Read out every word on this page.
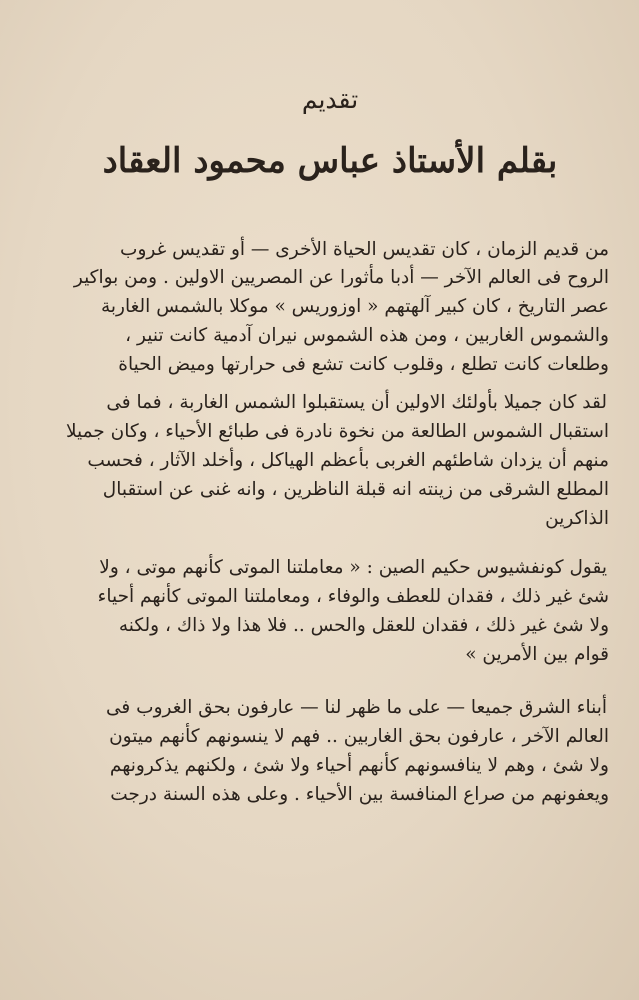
تقديم
بقلم الأستاذ عباس محمود العقاد

من قديم الزمان ، كان تقديس الحياة الأخرى — أو تقديس غروب

الروح فى العالم الآخر — أدبا مأثورا عن المصريين الاولين . ومن بواكير

عصر التاريخ ، كان كبير آلهتهم « اوزوريس » موكلا بالشمس الغاربة

والشموس الغاربين ، ومن هذه الشموس نيران آدمية كانت تنير ،

وطلعات كانت تطلع ، وقلوب كانت تشع فى حرارتها وميض الحياة

لقد كان جميلا بأولئك الاولين أن يستقبلوا الشمس الغاربة ، فما فى

استقبال الشموس الطالعة من نخوة نادرة فى طبائع الأحياء ، وكان جميلا

منهم أن يزدان شاطئهم الغربى بأعظم الهياكل ، وأخلد الآثار ، فحسب

المطلع الشرقى من زينته انه قبلة الناظرين ، وانه غنى عن استقبال

الذاكرين

يقول كونفشيوس حكيم الصين : « معاملتنا الموتى كأنهم موتى ، ولا

شئ غير ذلك ، فقدان للعطف والوفاء ، ومعاملتنا الموتى كأنهم أحياء

ولا شئ غير ذلك ، فقدان للعقل والحس .. فلا هذا ولا ذاك ، ولكنه

قوام بين الأمرين »

أبناء الشرق جميعا — على ما ظهر لنا — عارفون بحق الغروب فى

العالم الآخر ، عارفون بحق الغاربين .. فهم لا ينسونهم كأنهم ميتون

ولا شئ ، وهم لا ينافسونهم كأنهم أحياء ولا شئ ، ولكنهم يذكرونهم

ويعفونهم من صراع المنافسة بين الأحياء . وعلى هذه السنة درجت
